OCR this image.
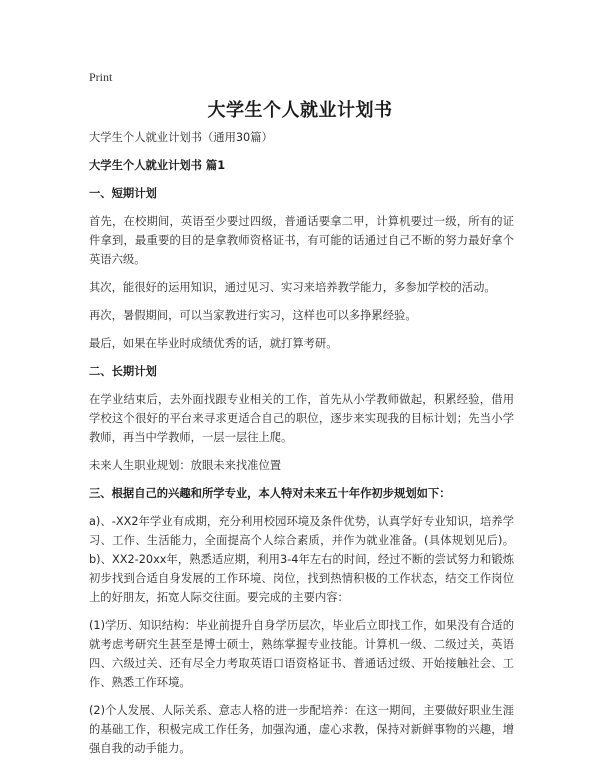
Print
大学生个人就业计划书

大学生个人就业计划书（通用30篇）

大学生个人就业计划书 篇1

一、短期计划

首先，在校期间，英语至少要过四级，普通话要拿二甲，计算机要过一级，所有的证件拿到，最重要的目的是拿教师资格证书，有可能的话通过自己不断的努力最好拿个英语六级。

其次，能很好的运用知识，通过见习、实习来培养教学能力，多参加学校的活动。

再次，暑假期间，可以当家教进行实习，这样也可以多挣累经验。

最后，如果在毕业时成绩优秀的话，就打算考研。

二、长期计划

在学业结束后，去外面找跟专业相关的工作，首先从小学教师做起，积累经验，借用学校这个很好的平台来寻求更适合自己的职位，逐步来实现我的目标计划；先当小学教师，再当中学教师，一层一层往上爬。

未来人生职业规划：放眼未来找准位置

三、根据自己的兴趣和所学专业，本人特对未来五十年作初步规划如下：

a)、-XX2年学业有成期，充分利用校园环境及条件优势，认真学好专业知识，培养学习、工作、生活能力，全面提高个人综合素质，并作为就业准备。(具体规划见后)。b)、XX2-20xx年，熟悉适应期，利用3-4年左右的时间，经过不断的尝试努力和锻炼初步找到合适自身发展的工作环境、岗位，找到热情积极的工作状态，结交工作岗位上的好朋友，拓宽人际交往面。要完成的主要内容：

(1)学历、知识结构：毕业前提升自身学历层次，毕业后立即找工作，如果没有合适的就考虑考研究生甚至是博士硕士，熟练掌握专业技能。计算机一级、二级过关，英语四、六级过关、还有尽全力考取英语口语资格证书、普通话过级、开始接触社会、工作、熟悉工作环境。

(2)个人发展、人际关系、意志人格的进一步配培养：在这一期间，主要做好职业生涯的基础工作，积极完成工作任务，加强沟通，虚心求教，保持对新鲜事物的兴趣，增强自我的动手能力。
